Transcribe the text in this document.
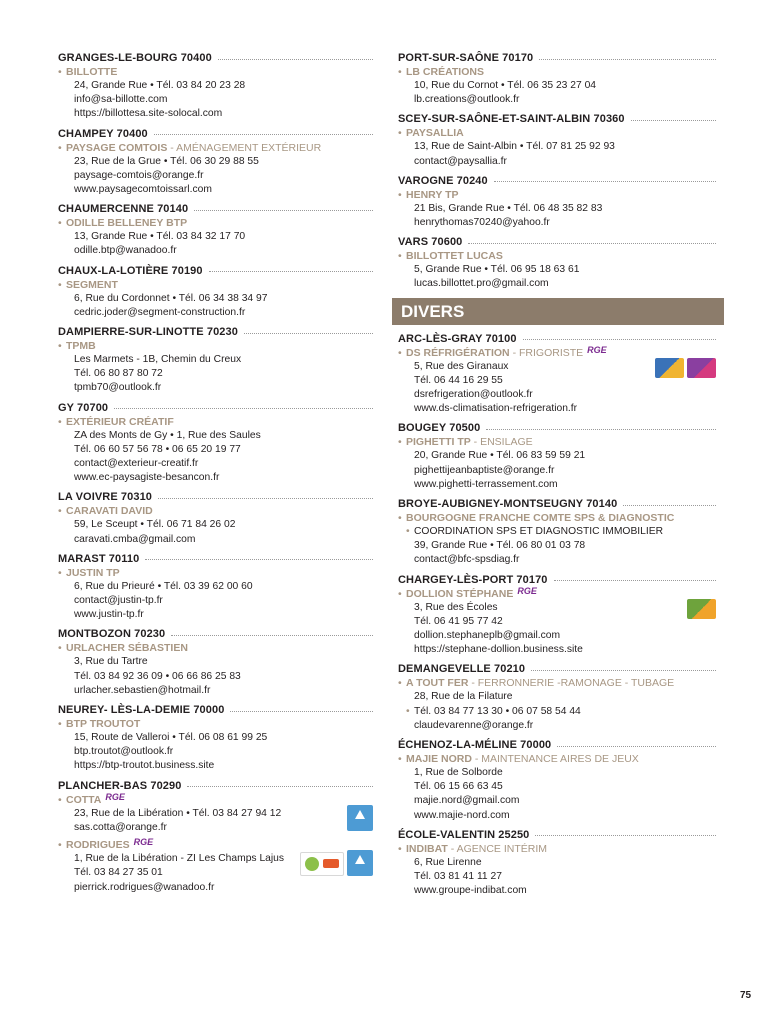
GRANGES-LE-BOURG 70400
• BILLOTTE
24, Grande Rue • Tél. 03 84 20 23 28
info@sa-billotte.com
https://billottesa.site-solocal.com
CHAMPEY 70400
• PAYSAGE COMTOIS - AMÉNAGEMENT EXTÉRIEUR
23, Rue de la Grue • Tél. 06 30 29 88 55
paysage-comtois@orange.fr
www.paysagecomtoissarl.com
CHAUMERCENNE 70140
• ODILLE BELLENEY BTP
13, Grande Rue • Tél. 03 84 32 17 70
odille.btp@wanadoo.fr
CHAUX-LA-LOTIÈRE 70190
• SEGMENT
6, Rue du Cordonnet • Tél. 06 34 38 34 97
cedric.joder@segment-construction.fr
DAMPIERRE-SUR-LINOTTE 70230
• TPMB
Les Marmets - 1B, Chemin du Creux
Tél. 06 80 87 80 72
tpmb70@outlook.fr
GY 70700
• EXTÉRIEUR CRÉATIF
ZA des Monts de Gy • 1, Rue des Saules
Tél. 06 60 57 56 78 • 06 65 20 19 77
contact@exterieur-creatif.fr
www.ec-paysagiste-besancon.fr
LA VOIVRE 70310
• CARAVATI DAVID
59, Le Sceupt • Tél. 06 71 84 26 02
caravati.cmba@gmail.com
MARAST 70110
• JUSTIN TP
6, Rue du Prieuré • Tél. 03 39 62 00 60
contact@justin-tp.fr
www.justin-tp.fr
MONTBOZON 70230
• URLACHER SÉBASTIEN
3, Rue du Tartre
Tél. 03 84 92 36 09 • 06 66 86 25 83
urlacher.sebastien@hotmail.fr
NEUREY- LÈS-LA-DEMIE 70000
• BTP TROUTOT
15, Route de Valleroi • Tél. 06 08 61 99 25
btp.troutot@outlook.fr
https://btp-troutot.business.site
PLANCHER-BAS 70290
• COTTA RGE
23, Rue de la Libération • Tél. 03 84 27 94 12
sas.cotta@orange.fr
• RODRIGUES RGE
1, Rue de la Libération - ZI Les Champs Lajus
Tél. 03 84 27 35 01
pierrick.rodrigues@wanadoo.fr
PORT-SUR-SAÔNE 70170
• LB CRÉATIONS
10, Rue du Cornot • Tél. 06 35 23 27 04
lb.creations@outlook.fr
SCEY-SUR-SAÔNE-ET-SAINT-ALBIN 70360
• PAYSALLIA
13, Rue de Saint-Albin • Tél. 07 81 25 92 93
contact@paysallia.fr
VAROGNE 70240
• HENRY TP
21 Bis, Grande Rue • Tél. 06 48 35 82 83
henrythomas70240@yahoo.fr
VARS 70600
• BILLOTTET LUCAS
5, Grande Rue • Tél. 06 95 18 63 61
lucas.billottet.pro@gmail.com
DIVERS
ARC-LÈS-GRAY 70100
• DS RÉFRIGÉRATION - FRIGORISTE RGE
5, Rue des Giranaux
Tél. 06 44 16 29 55
dsrefrigeration@outlook.fr
www.ds-climatisation-refrigeration.fr
BOUGEY 70500
• PIGHETTI TP - ENSILAGE
20, Grande Rue • Tél. 06 83 59 59 21
pighettijeanbaptiste@orange.fr
www.pighetti-terrassement.com
BROYE-AUBIGNEY-MONTSEUGNY 70140
• BOURGOGNE FRANCHE COMTE SPS & DIAGNOSTIC
• COORDINATION SPS ET DIAGNOSTIC IMMOBILIER
39, Grande Rue • Tél. 06 80 01 03 78
contact@bfc-spsdiag.fr
CHARGEY-LÈS-PORT 70170
• DOLLION STÉPHANE RGE
3, Rue des Écoles
Tél. 06 41 95 77 42
dollion.stephaneplb@gmail.com
https://stephane-dollion.business.site
DEMANGEVELLE 70210
• A TOUT FER - FERRONNERIE -RAMONAGE - TUBAGE
28, Rue de la Filature
• Tél. 03 84 77 13 30 • 06 07 58 54 44
claudevarenne@orange.fr
ÉCHENOZ-LA-MÉLINE 70000
• MAJIE NORD - MAINTENANCE AIRES DE JEUX
1, Rue de Solborde
Tél. 06 15 66 63 45
majie.nord@gmail.com
www.majie-nord.com
ÉCOLE-VALENTIN 25250
• INDIBAT - AGENCE INTÉRIM
6, Rue Lirenne
Tél. 03 81 41 11 27
www.groupe-indibat.com
75
